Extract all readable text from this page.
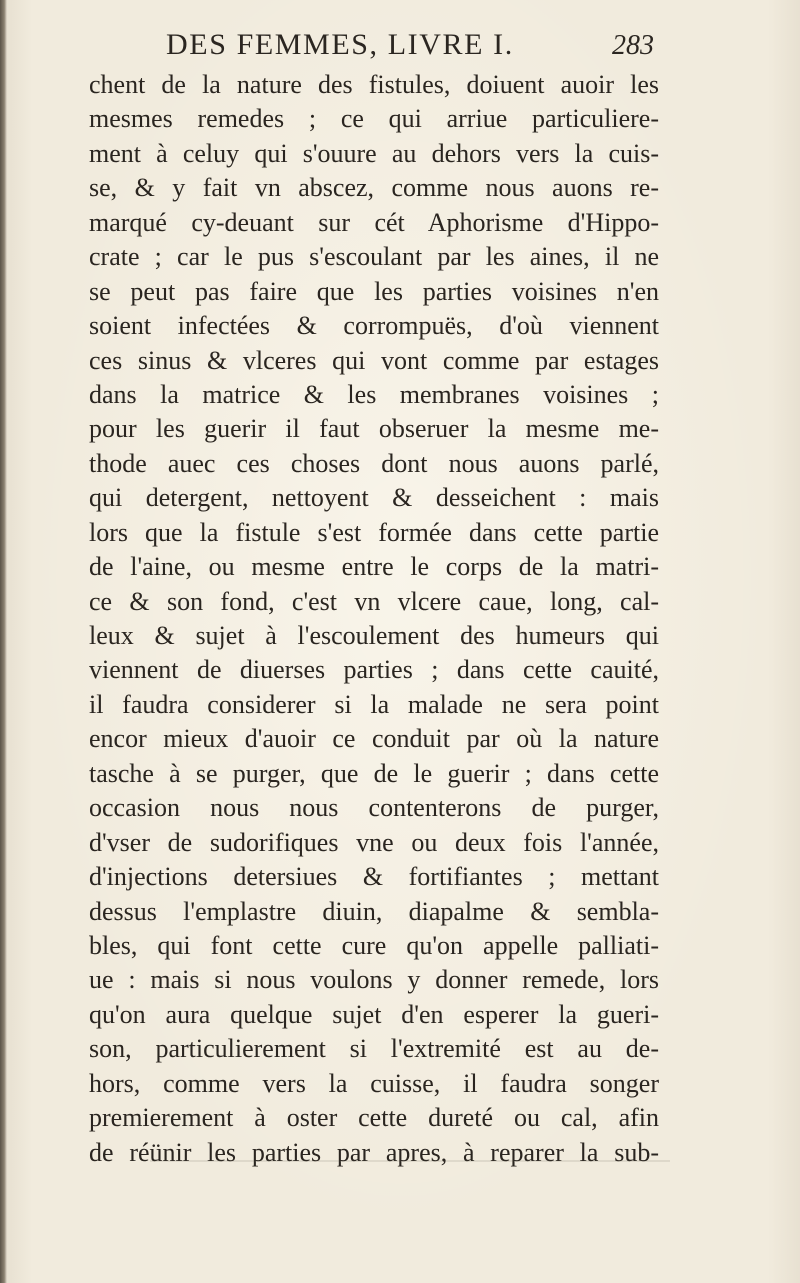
DES FEMMES, LIVRE I.	283
chent de la nature des fistules, doiuent auoir les
mesmes remedes ; ce qui arriue particuliere-
ment à celuy qui s'ouure au dehors vers la cuis-
se, & y fait vn abscez, comme nous auons re-
marqué cy-deuant sur cét Aphorisme d'Hippo-
crate ; car le pus s'escoulant par les aines, il ne
se peut pas faire que les parties voisines n'en
soient infectées & corrompuës, d'où viennent
ces sinus & vlceres qui vont comme par estages
dans la matrice & les membranes voisines ;
pour les guerir il faut obseruer la mesme me-
thode auec ces choses dont nous auons parlé,
qui detergent, nettoyent & desseichent : mais
lors que la fistule s'est formée dans cette partie
de l'aine, ou mesme entre le corps de la matri-
ce & son fond, c'est vn vlcere caue, long, cal-
leux & sujet à l'escoulement des humeurs qui
viennent de diuerses parties ; dans cette cauité,
il faudra considerer si la malade ne sera point
encor mieux d'auoir ce conduit par où la nature
tasche à se purger, que de le guerir ; dans cette
occasion nous nous contenterons de purger,
d'vser de sudorifiques vne ou deux fois l'année,
d'injections detersiues & fortifiantes ; mettant
dessus l'emplastre diuin, diapalme & sembla-
bles, qui font cette cure qu'on appelle palliati-
ue : mais si nous voulons y donner remede, lors
qu'on aura quelque sujet d'en esperer la gueri-
son, particulierement si l'extremité est au de-
hors, comme vers la cuisse, il faudra songer
premierement à oster cette dureté ou cal, afin
de réünir les parties par apres, à reparer la sub-
